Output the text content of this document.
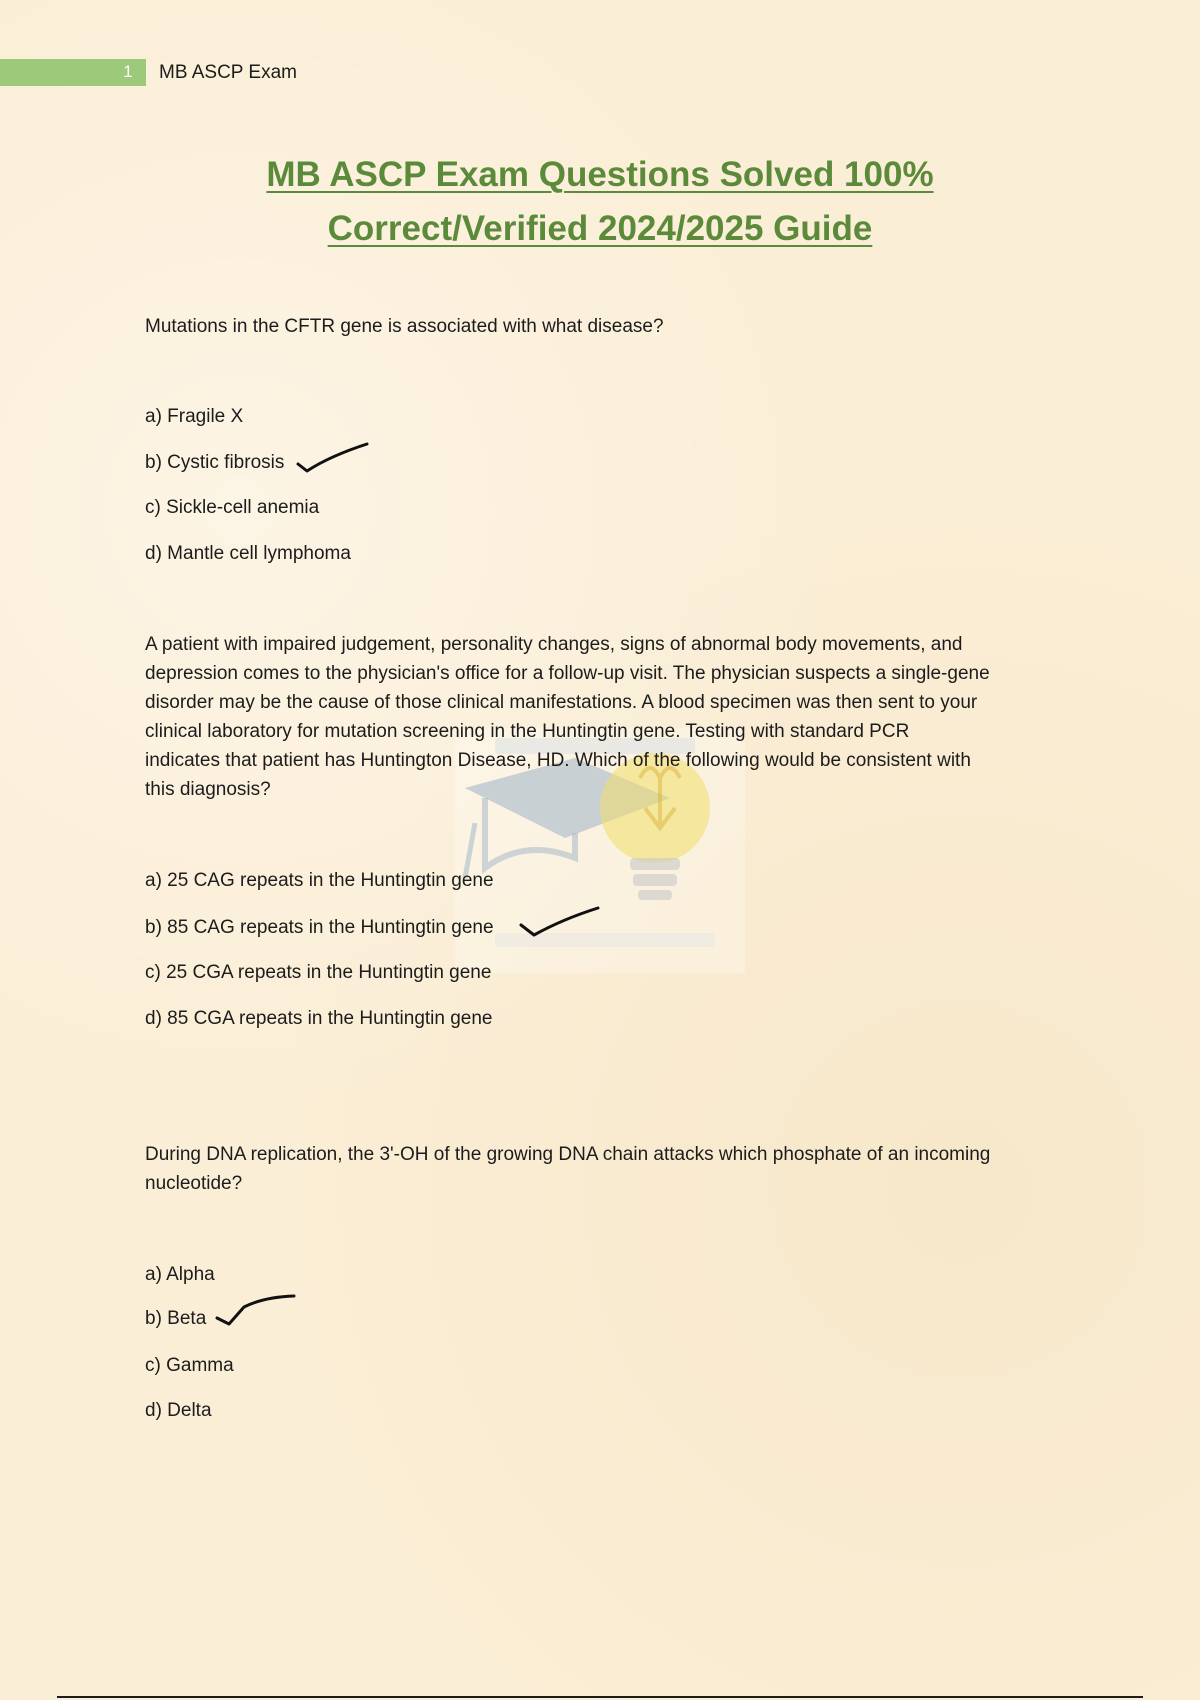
1 MB ASCP Exam
MB ASCP Exam Questions Solved 100%
Correct/Verified 2024/2025 Guide
Mutations in the CFTR gene is associated with what disease?
a) Fragile X
b) Cystic fibrosis
c) Sickle-cell anemia
d) Mantle cell lymphoma
A patient with impaired judgement, personality changes, signs of abnormal body movements, and
depression comes to the physician's office for a follow-up visit. The physician suspects a single-gene
disorder may be the cause of those clinical manifestations. A blood specimen was then sent to your
clinical laboratory for mutation screening in the Huntingtin gene. Testing with standard PCR
indicates that patient has Huntington Disease, HD. Which of the following would be consistent with
this diagnosis?
a) 25 CAG repeats in the Huntingtin gene
b) 85 CAG repeats in the Huntingtin gene
c) 25 CGA repeats in the Huntingtin gene
d) 85 CGA repeats in the Huntingtin gene
During DNA replication, the 3'-OH of the growing DNA chain attacks which phosphate of an incoming
nucleotide?
a) Alpha
b) Beta
c) Gamma
d) Delta
